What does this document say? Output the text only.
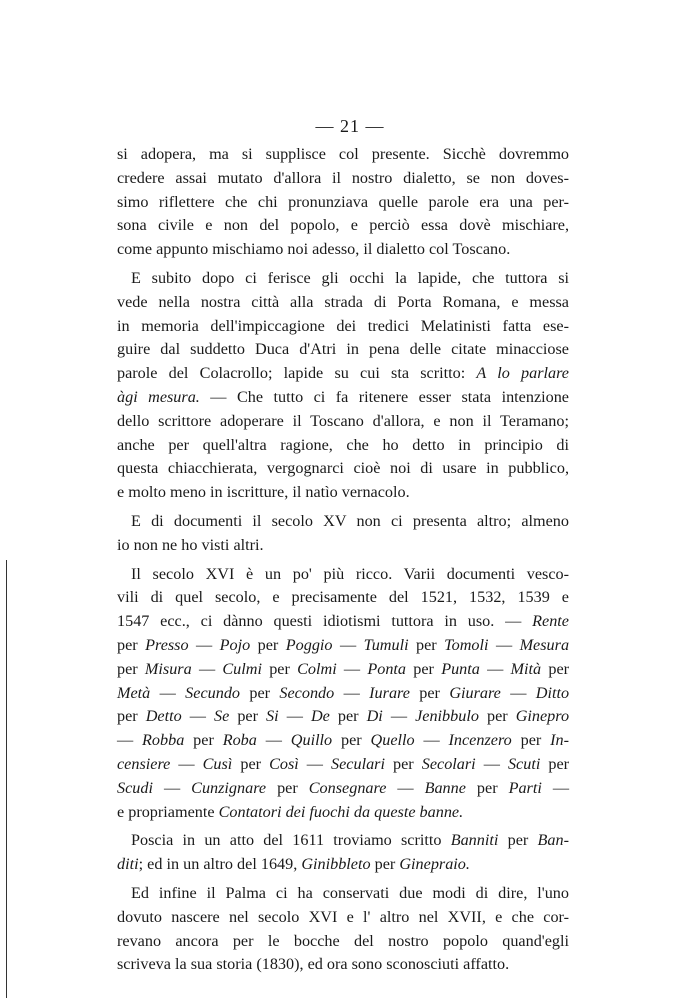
— 21 —
si adopera, ma si supplisce col presente. Sicchè dovremmo
credere assai mutato d'allora il nostro dialetto, se non doves-
simo riflettere che chi pronunziava quelle parole era una per-
sona civile e non del popolo, e perciò essa dovè mischiare,
come appunto mischiamo noi adesso, il dialetto col Toscano.
E subito dopo ci ferisce gli occhi la lapide, che tuttora si
vede nella nostra città alla strada di Porta Romana, e messa
in memoria dell'impiccagione dei tredici Melatinisti fatta ese-
guire dal suddetto Duca d'Atri in pena delle citate minacciose
parole del Colacrollo; lapide su cui sta scritto: A lo parlare
àgi mesura. — Che tutto ci fa ritenere esser stata intenzione
dello scrittore adoperare il Toscano d'allora, e non il Teramano;
anche per quell'altra ragione, che ho detto in principio di
questa chiacchierata, vergognarci cioè noi di usare in pubblico,
e molto meno in iscritture, il natìo vernacolo.
E di documenti il secolo XV non ci presenta altro; almeno
io non ne ho visti altri.
Il secolo XVI è un po' più ricco. Varii documenti vesco-
vili di quel secolo, e precisamente del 1521, 1532, 1539 e
1547 ecc., ci dànno questi idiotismi tuttora in uso. — Rente
per Presso — Pojo per Poggio — Tumuli per Tomoli — Mesura
per Misura — Culmi per Colmi — Ponta per Punta — Mità per
Metà — Secundo per Secondo — Iurare per Giurare — Ditto
per Detto — Se per Si — De per Di — Jenibbulo per Ginepro
— Robba per Roba — Quillo per Quello — Incenzero per In-
censiere — Cusì per Così — Seculari per Secolari — Scuti per
Scudi — Cunzignare per Consegnare — Banne per Parti —
e propriamente Contatori dei fuochi da queste banne.
Poscia in un atto del 1611 troviamo scritto Banniti per Ban-
diti; ed in un altro del 1649, Ginibbleto per Ginepraio.
Ed infine il Palma ci ha conservati due modi di dire, l'uno
dovuto nascere nel secolo XVI e l' altro nel XVII, e che cor-
revano ancora per le bocche del nostro popolo quand'egli
scriveva la sua storia (1830), ed ora sono sconosciuti affatto.
